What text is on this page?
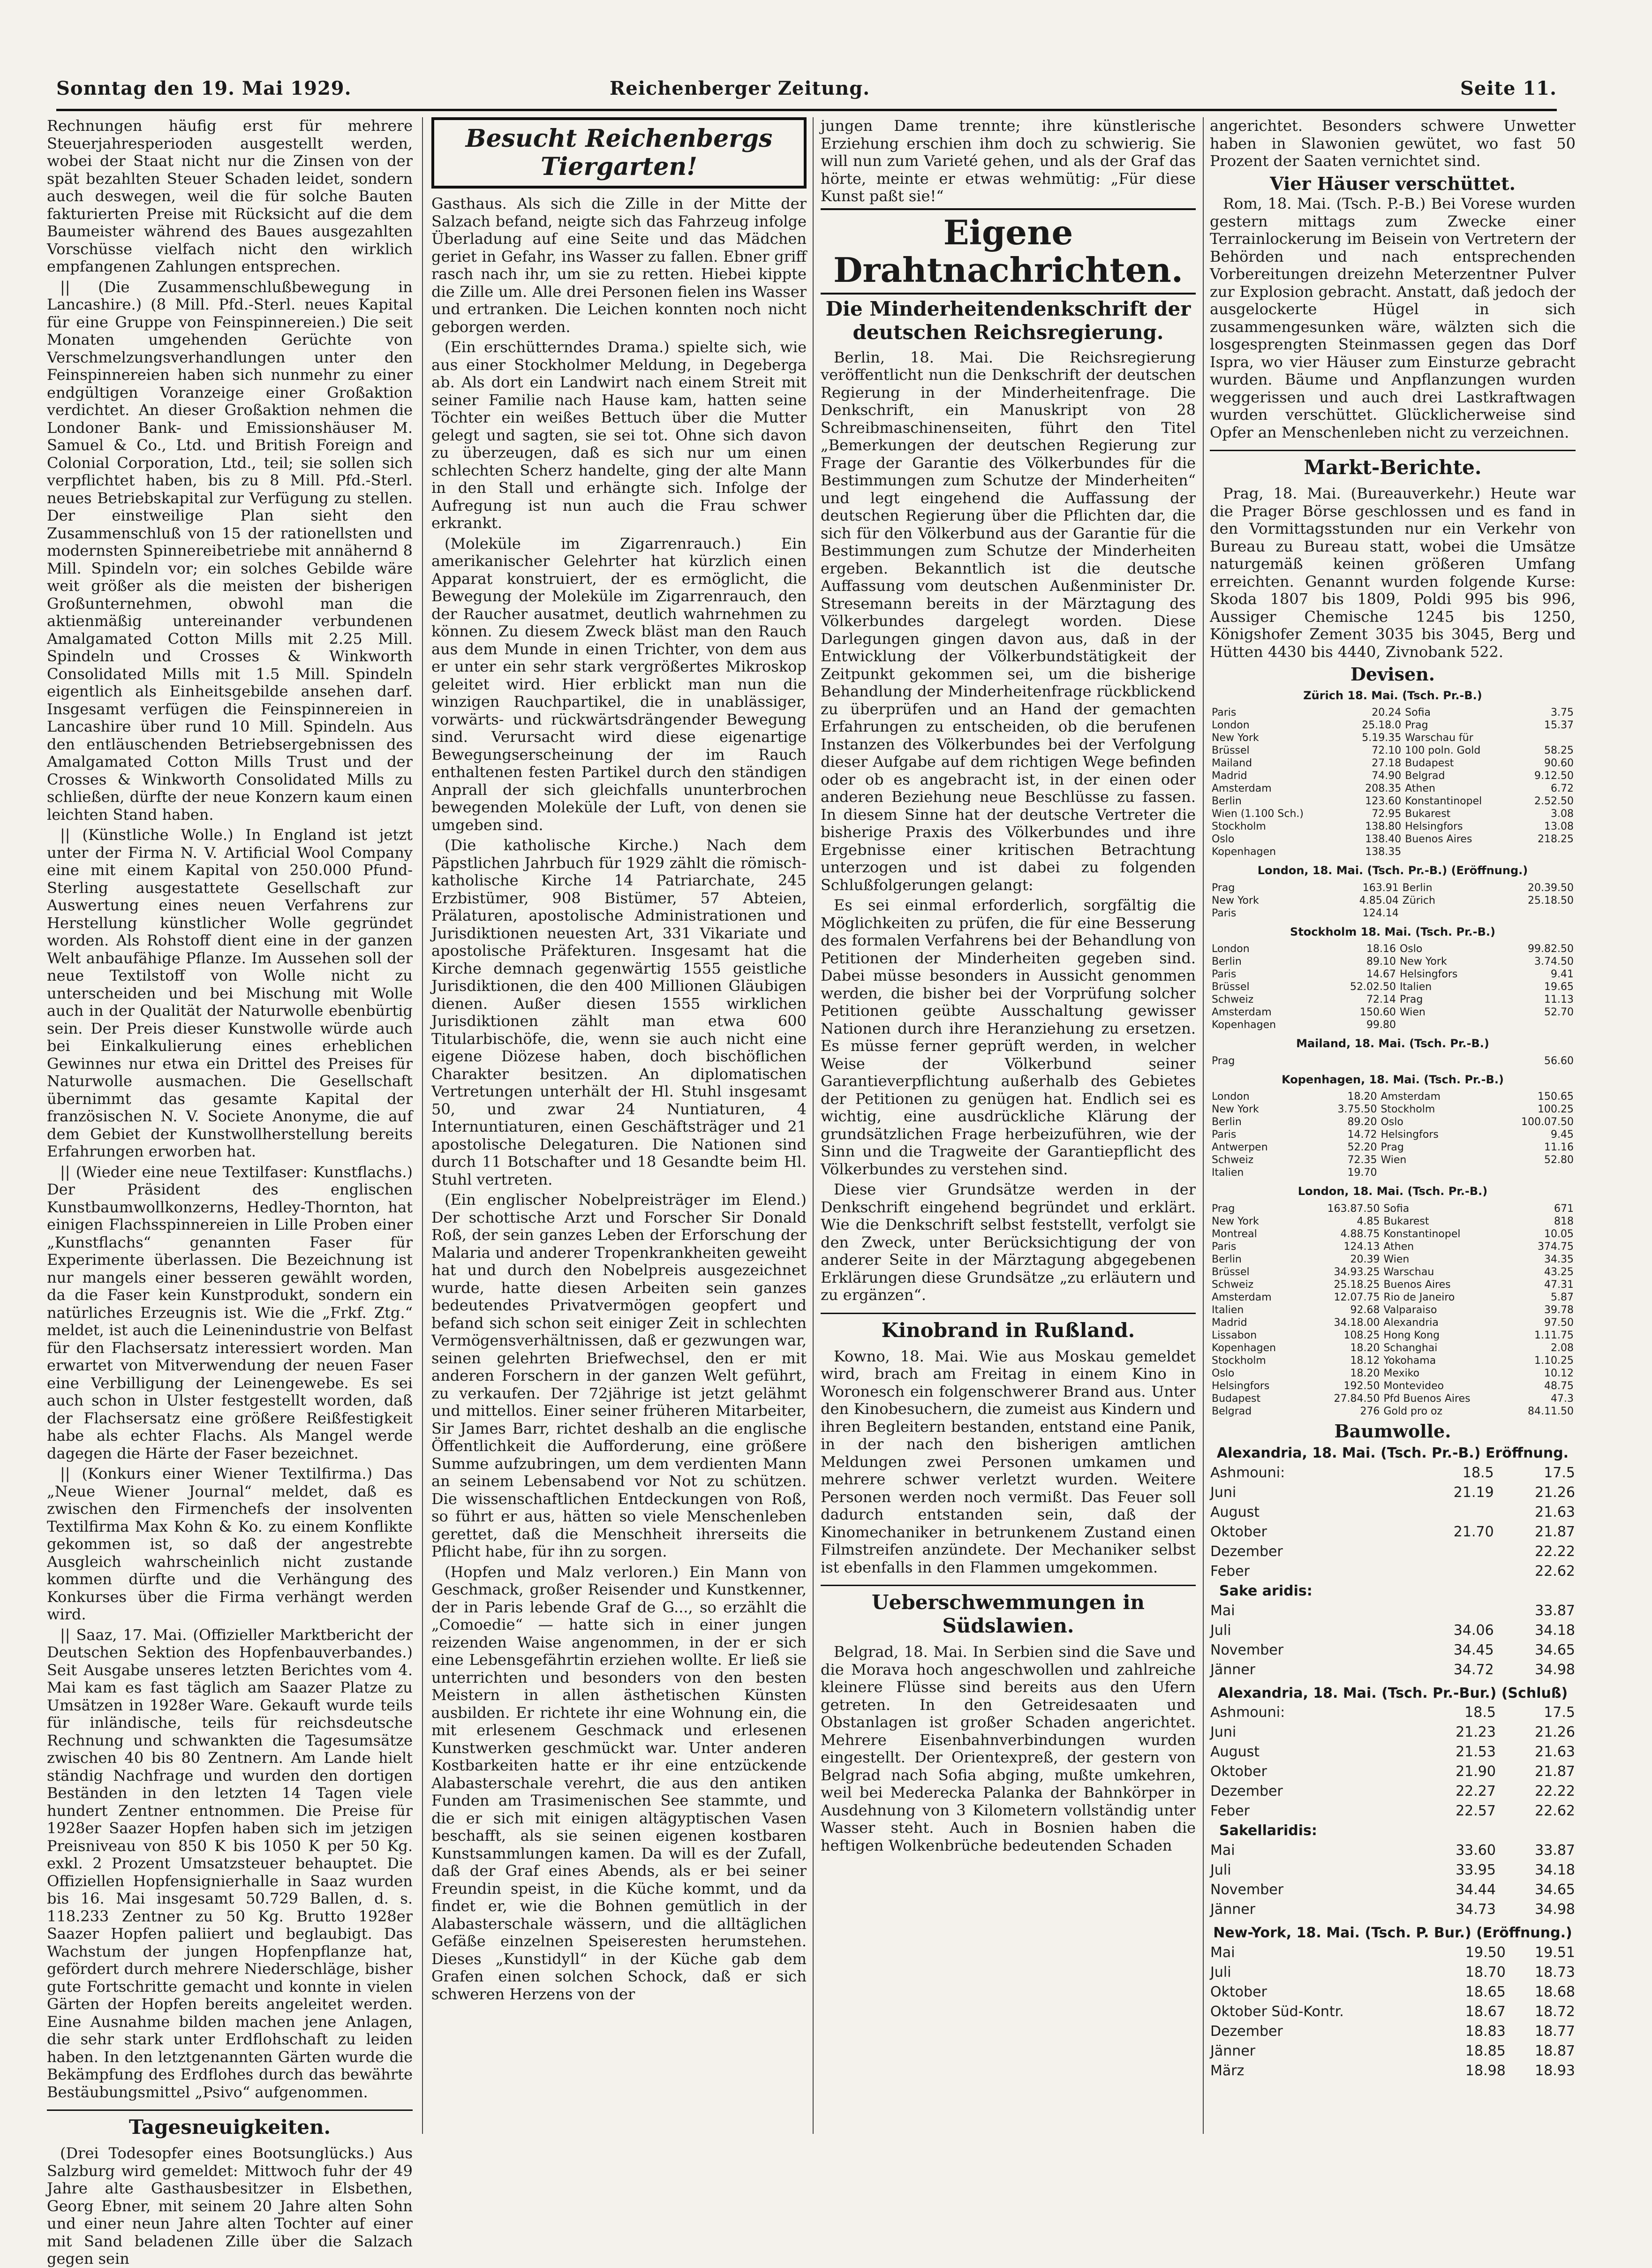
Sonntag den 19. Mai 1929.	Reichenberger Zeitung.	Seite 11.

Rechnungen häufig erst für mehrere Steuerjahresperioden ausgestellt werden, wobei der Staat nicht nur die Zinsen von der spät bezahlten Steuer Schaden leidet, sondern auch deswegen, weil die für solche Bauten fakturierten Preise mit Rücksicht auf die dem Baumeister während des Baues ausgezahlten Vorschüsse vielfach nicht den wirklich empfangenen Zahlungen entsprechen.

|| (Die Zusammenschlußbewegung in Lancashire.) (8 Mill. Pfd.-Sterl. neues Kapital für eine Gruppe von Feinspinnereien.) Die seit Monaten umgehenden Gerüchte von Verschmelzungsverhandlungen unter den Feinspinnereien haben sich nunmehr zu einer endgültigen Voranzeige einer Großaktion verdichtet. An dieser Großaktion nehmen die Londoner Bank- und Emissionshäuser M. Samuel & Co., Ltd. und British Foreign and Colonial Corporation, Ltd., teil; sie sollen sich verpflichtet haben, bis zu 8 Mill. Pfd.-Sterl. neues Betriebskapital zur Verfügung zu stellen. Der einstweilige Plan sieht den Zusammenschluß von 15 der rationellsten und modernsten Spinnereibetriebe mit annähernd 8 Mill. Spindeln vor; ein solches Gebilde wäre weit größer als die meisten der bisherigen Großunternehmen, obwohl man die aktienmäßig untereinander verbundenen Amalgamated Cotton Mills mit 2.25 Mill. Spindeln und Crosses & Winkworth Consolidated Mills mit 1.5 Mill. Spindeln eigentlich als Einheitsgebilde ansehen darf. Insgesamt verfügen die Feinspinnereien in Lancashire über rund 10 Mill. Spindeln. Aus den entläuschenden Betriebsergebnissen des Amalgamated Cotton Mills Trust und der Crosses & Winkworth Consolidated Mills zu schließen, dürfte der neue Konzern kaum einen leichten Stand haben.

|| (Künstliche Wolle.) In England ist jetzt unter der Firma N. V. Artificial Wool Company eine mit einem Kapital von 250.000 Pfund-Sterling ausgestattete Gesellschaft zur Auswertung eines neuen Verfahrens zur Herstellung künstlicher Wolle gegründet worden. Als Rohstoff dient eine in der ganzen Welt anbaufähige Pflanze. Im Aussehen soll der neue Textilstoff von Wolle nicht zu unterscheiden und bei Mischung mit Wolle auch in der Qualität der Naturwolle ebenbürtig sein. Der Preis dieser Kunstwolle würde auch bei Einkalkulierung eines erheblichen Gewinnes nur etwa ein Drittel des Preises für Naturwolle ausmachen. Die Gesellschaft übernimmt das gesamte Kapital der französischen N. V. Societe Anonyme, die auf dem Gebiet der Kunstwollherstellung bereits Erfahrungen erworben hat.

|| (Wieder eine neue Textilfaser: Kunstflachs.) Der Präsident des englischen Kunstbaumwollkonzerns, Hedley-Thornton, hat einigen Flachsspinnereien in Lille Proben einer „Kunstflachs“ genannten Faser für Experimente überlassen. Die Bezeichnung ist nur mangels einer besseren gewählt worden, da die Faser kein Kunstprodukt, sondern ein natürliches Erzeugnis ist. Wie die „Frkf. Ztg.“ meldet, ist auch die Leinenindustrie von Belfast für den Flachsersatz interessiert worden. Man erwartet von Mitverwendung der neuen Faser eine Verbilligung der Leinengewebe. Es sei auch schon in Ulster festgestellt worden, daß der Flachsersatz eine größere Reißfestigkeit habe als echter Flachs. Als Mangel werde dagegen die Härte der Faser bezeichnet.

|| (Konkurs einer Wiener Textilfirma.) Das „Neue Wiener Journal“ meldet, daß es zwischen den Firmenchefs der insolventen Textilfirma Max Kohn & Ko. zu einem Konflikte gekommen ist, so daß der angestrebte Ausgleich wahrscheinlich nicht zustande kommen dürfte und die Verhängung des Konkurses über die Firma verhängt werden wird.

|| Saaz, 17. Mai. (Offizieller Marktbericht der Deutschen Sektion des Hopfenbauverbandes.) Seit Ausgabe unseres letzten Berichtes vom 4. Mai kam es fast täglich am Saazer Platze zu Umsätzen in 1928er Ware. Gekauft wurde teils für inländische, teils für reichsdeutsche Rechnung und schwankten die Tagesumsätze zwischen 40 bis 80 Zentnern. Am Lande hielt ständig Nachfrage und wurden den dortigen Beständen in den letzten 14 Tagen viele hundert Zentner entnommen. Die Preise für 1928er Saazer Hopfen haben sich im jetzigen Preisniveau von 850 K bis 1050 K per 50 Kg. exkl. 2 Prozent Umsatzsteuer behauptet. Die Offiziellen Hopfensignierhalle in Saaz wurden bis 16. Mai insgesamt 50.729 Ballen, d. s. 118.233 Zentner zu 50 Kg. Brutto 1928er Saazer Hopfen paliiert und beglaubigt. Das Wachstum der jungen Hopfenpflanze hat, gefördert durch mehrere Niederschläge, bisher gute Fortschritte gemacht und konnte in vielen Gärten der Hopfen bereits angeleitet werden. Eine Ausnahme bilden machen jene Anlagen, die sehr stark unter Erdflohschaft zu leiden haben. In den letztgenannten Gärten wurde die Bekämpfung des Erdflohes durch das bewährte Bestäubungsmittel „Psivo“ aufgenommen.

Tagesneuigkeiten.

(Drei Todesopfer eines Bootsunglücks.) Aus Salzburg wird gemeldet: Mittwoch fuhr der 49 Jahre alte Gasthausbesitzer in Elsbethen, Georg Ebner, mit seinem 20 Jahre alten Sohn und einer neun Jahre alten Tochter auf einer mit Sand beladenen Zille über die Salzach gegen sein

Besucht Reichenbergs Tiergarten!

Gasthaus. Als sich die Zille in der Mitte der Salzach befand, neigte sich das Fahrzeug infolge Überladung auf eine Seite und das Mädchen geriet in Gefahr, ins Wasser zu fallen. Ebner griff rasch nach ihr, um sie zu retten. Hiebei kippte die Zille um. Alle drei Personen fielen ins Wasser und ertranken. Die Leichen konnten noch nicht geborgen werden.

(Ein erschütterndes Drama.) spielte sich, wie aus einer Stockholmer Meldung, in Degeberga ab. Als dort ein Landwirt nach einem Streit mit seiner Familie nach Hause kam, hatten seine Töchter ein weißes Bettuch über die Mutter gelegt und sagten, sie sei tot. Ohne sich davon zu überzeugen, daß es sich nur um einen schlechten Scherz handelte, ging der alte Mann in den Stall und erhängte sich. Infolge der Aufregung ist nun auch die Frau schwer erkrankt.

(Moleküle im Zigarrenrauch.) Ein amerikanischer Gelehrter hat kürzlich einen Apparat konstruiert, der es ermöglicht, die Bewegung der Moleküle im Zigarrenrauch, den der Raucher ausatmet, deutlich wahrnehmen zu können. Zu diesem Zweck bläst man den Rauch aus dem Munde in einen Trichter, von dem aus er unter ein sehr stark vergrößertes Mikroskop geleitet wird. Hier erblickt man nun die winzigen Rauchpartikel, die in unablässiger, vorwärts- und rückwärtsdrängender Bewegung sind. Verursacht wird diese eigenartige Bewegungserscheinung der im Rauch enthaltenen festen Partikel durch den ständigen Anprall der sich gleichfalls ununterbrochen bewegenden Moleküle der Luft, von denen sie umgeben sind.

(Die katholische Kirche.) Nach dem Päpstlichen Jahrbuch für 1929 zählt die römisch-katholische Kirche 14 Patriarchate, 245 Erzbistümer, 908 Bistümer, 57 Abteien, Prälaturen, apostolische Administrationen und Jurisdiktionen neuesten Art, 331 Vikariate und apostolische Präfekturen. Insgesamt hat die Kirche demnach gegenwärtig 1555 geistliche Jurisdiktionen, die den 400 Millionen Gläubigen dienen. Außer diesen 1555 wirklichen Jurisdiktionen zählt man etwa 600 Titularbischöfe, die, wenn sie auch nicht eine eigene Diözese haben, doch bischöflichen Charakter besitzen. An diplomatischen Vertretungen unterhält der Hl. Stuhl insgesamt 50, und zwar 24 Nuntiaturen, 4 Internuntiaturen, einen Geschäftsträger und 21 apostolische Delegaturen. Die Nationen sind durch 11 Botschafter und 18 Gesandte beim Hl. Stuhl vertreten.

(Ein englischer Nobelpreisträger im Elend.) Der schottische Arzt und Forscher Sir Donald Roß, der sein ganzes Leben der Erforschung der Malaria und anderer Tropenkrankheiten geweiht hat und durch den Nobelpreis ausgezeichnet wurde, hatte diesen Arbeiten sein ganzes bedeutendes Privatvermögen geopfert und befand sich schon seit einiger Zeit in schlechten Vermögensverhältnissen, daß er gezwungen war, seinen gelehrten Briefwechsel, den er mit anderen Forschern in der ganzen Welt geführt, zu verkaufen. Der 72jährige ist jetzt gelähmt und mittellos. Einer seiner früheren Mitarbeiter, Sir James Barr, richtet deshalb an die englische Öffentlichkeit die Aufforderung, eine größere Summe aufzubringen, um dem verdienten Mann an seinem Lebensabend vor Not zu schützen. Die wissenschaftlichen Entdeckungen von Roß, so führt er aus, hätten so viele Menschenleben gerettet, daß die Menschheit ihrerseits die Pflicht habe, für ihn zu sorgen.

(Hopfen und Malz verloren.) Ein Mann von Geschmack, großer Reisender und Kunstkenner, der in Paris lebende Graf de G..., so erzählt die „Comoedie“ — hatte sich in einer jungen reizenden Waise angenommen, in der er sich eine Lebensgefährtin erziehen wollte. Er ließ sie unterrichten und besonders von den besten Meistern in allen ästhetischen Künsten ausbilden. Er richtete ihr eine Wohnung ein, die mit erlesenem Geschmack und erlesenen Kunstwerken geschmückt war. Unter anderen Kostbarkeiten hatte er ihr eine entzückende Alabasterschale verehrt, die aus den antiken Funden am Trasimenischen See stammte, und die er sich mit einigen altägyptischen Vasen beschafft, als sie seinen eigenen kostbaren Kunstsammlungen kamen. Da will es der Zufall, daß der Graf eines Abends, als er bei seiner Freundin speist, in die Küche kommt, und da findet er, wie die Bohnen gemütlich in der Alabasterschale wässern, und die alltäglichen Gefäße einzelnen Speiseresten herumstehen. Dieses „Kunstidyll“ in der Küche gab dem Grafen einen solchen Schock, daß er sich schweren Herzens von der

jungen Dame trennte; ihre künstlerische Erziehung erschien ihm doch zu schwierig. Sie will nun zum Varieté gehen, und als der Graf das hörte, meinte er etwas wehmütig: „Für diese Kunst paßt sie!“

Eigene Drahtnachrichten.
Die Minderheitendenkschrift der deutschen Reichsregierung.

Berlin, 18. Mai. Die Reichsregierung veröffentlicht nun die Denkschrift der deutschen Regierung in der Minderheitenfrage. Die Denkschrift, ein Manuskript von 28 Schreibmaschinenseiten, führt den Titel „Bemerkungen der deutschen Regierung zur Frage der Garantie des Völkerbundes für die Bestimmungen zum Schutze der Minderheiten“ und legt eingehend die Auffassung der deutschen Regierung über die Pflichten dar, die sich für den Völkerbund aus der Garantie für die Bestimmungen zum Schutze der Minderheiten ergeben. Bekanntlich ist die deutsche Auffassung vom deutschen Außenminister Dr. Stresemann bereits in der Märztagung des Völkerbundes dargelegt worden. Diese Darlegungen gingen davon aus, daß in der Entwicklung der Völkerbundstätigkeit der Zeitpunkt gekommen sei, um die bisherige Behandlung der Minderheitenfrage rückblickend zu überprüfen und an Hand der gemachten Erfahrungen zu entscheiden, ob die berufenen Instanzen des Völkerbundes bei der Verfolgung dieser Aufgabe auf dem richtigen Wege befinden oder ob es angebracht ist, in der einen oder anderen Beziehung neue Beschlüsse zu fassen. In diesem Sinne hat der deutsche Vertreter die bisherige Praxis des Völkerbundes und ihre Ergebnisse einer kritischen Betrachtung unterzogen und ist dabei zu folgenden Schlußfolgerungen gelangt:

Es sei einmal erforderlich, sorgfältig die Möglichkeiten zu prüfen, die für eine Besserung des formalen Verfahrens bei der Behandlung von Petitionen der Minderheiten gegeben sind. Dabei müsse besonders in Aussicht genommen werden, die bisher bei der Vorprüfung solcher Petitionen geübte Ausschaltung gewisser Nationen durch ihre Heranziehung zu ersetzen. Es müsse ferner geprüft werden, in welcher Weise der Völkerbund seiner Garantieverpflichtung außerhalb des Gebietes der Petitionen zu genügen hat. Endlich sei es wichtig, eine ausdrückliche Klärung der grundsätzlichen Frage herbeizuführen, wie der Sinn und die Tragweite der Garantiepflicht des Völkerbundes zu verstehen sind.

Diese vier Grundsätze werden in der Denkschrift eingehend begründet und erklärt. Wie die Denkschrift selbst feststellt, verfolgt sie den Zweck, unter Berücksichtigung der von anderer Seite in der Märztagung abgegebenen Erklärungen diese Grundsätze „zu erläutern und zu ergänzen“.

Kinobrand in Rußland.

Kowno, 18. Mai. Wie aus Moskau gemeldet wird, brach am Freitag in einem Kino in Woronesch ein folgenschwerer Brand aus. Unter den Kinobesuchern, die zumeist aus Kindern und ihren Begleitern bestanden, entstand eine Panik, in der nach den bisherigen amtlichen Meldungen zwei Personen umkamen und mehrere schwer verletzt wurden. Weitere Personen werden noch vermißt. Das Feuer soll dadurch entstanden sein, daß der Kinomechaniker in betrunkenem Zustand einen Filmstreifen anzündete. Der Mechaniker selbst ist ebenfalls in den Flammen umgekommen.

Ueberschwemmungen in Südslawien.

Belgrad, 18. Mai. In Serbien sind die Save und die Morava hoch angeschwollen und zahlreiche kleinere Flüsse sind bereits aus den Ufern getreten. In den Getreidesaaten und Obstanlagen ist großer Schaden angerichtet. Mehrere Eisenbahnverbindungen wurden eingestellt. Der Orientexpreß, der gestern von Belgrad nach Sofia abging, mußte umkehren, weil bei Mederecka Palanka der Bahnkörper in Ausdehnung von 3 Kilometern vollständig unter Wasser steht. Auch in Bosnien haben die heftigen Wolkenbrüche bedeutenden Schaden

angerichtet. Besonders schwere Unwetter haben in Slawonien gewütet, wo fast 50 Prozent der Saaten vernichtet sind.

Vier Häuser verschüttet.

Rom, 18. Mai. (Tsch. P.-B.) Bei Vorese wurden gestern mittags zum Zwecke einer Terrainlockerung im Beisein von Vertretern der Behörden und nach entsprechenden Vorbereitungen dreizehn Meterzentner Pulver zur Explosion gebracht. Anstatt, daß jedoch der ausgelockerte Hügel in sich zusammengesunken wäre, wälzten sich die losgesprengten Steinmassen gegen das Dorf Ispra, wo vier Häuser zum Einsturze gebracht wurden. Bäume und Anpflanzungen wurden weggerissen und auch drei Lastkraftwagen wurden verschüttet. Glücklicherweise sind Opfer an Menschenleben nicht zu verzeichnen.

Markt-Berichte.

Prag, 18. Mai. (Bureauverkehr.) Heute war die Prager Börse geschlossen und es fand in den Vormittagsstunden nur ein Verkehr von Bureau zu Bureau statt, wobei die Umsätze naturgemäß keinen größeren Umfang erreichten. Genannt wurden folgende Kurse: Skoda 1807 bis 1809, Poldi 995 bis 996, Aussiger Chemische 1245 bis 1250, Königshofer Zement 3035 bis 3045, Berg und Hütten 4430 bis 4440, Zivnobank 522.

Devisen.
Zürich 18. Mai. (Tsch. Pr.-B.)
Paris	20.24	Sofia	3.75
London	25.18.0	Prag	15.37
New York	5.19.35	Warschau für	
Brüssel	72.10	100 poln. Gold	58.25
Mailand	27.18	Budapest	90.60
Madrid	74.90	Belgrad	9.12.50
Amsterdam	208.35	Athen	6.72
Berlin	123.60	Konstantinopel	2.52.50
Wien (1.100 Sch.)	72.95	Bukarest	3.08
Stockholm	138.80	Helsingfors	13.08
Oslo	138.40	Buenos Aires	218.25
Kopenhagen	138.35		
London, 18. Mai. (Tsch. Pr.-B.) (Eröffnung.)
Prag	163.91	Berlin	20.39.50
New York	4.85.04	Zürich	25.18.50
Paris	124.14		
Stockholm 18. Mai. (Tsch. Pr.-B.)
London	18.16	Oslo	99.82.50
Berlin	89.10	New York	3.74.50
Paris	14.67	Helsingfors	9.41
Brüssel	52.02.50	Italien	19.65
Schweiz	72.14	Prag	11.13
Amsterdam	150.60	Wien	52.70
Kopenhagen	99.80		
Mailand, 18. Mai. (Tsch. Pr.-B.)
Prag			56.60
Kopenhagen, 18. Mai. (Tsch. Pr.-B.)
London	18.20	Amsterdam	150.65
New York	3.75.50	Stockholm	100.25
Berlin	89.20	Oslo	100.07.50
Paris	14.72	Helsingfors	9.45
Antwerpen	52.20	Prag	11.16
Schweiz	72.35	Wien	52.80
Italien	19.70		
London, 18. Mai. (Tsch. Pr.-B.)
Prag	163.87.50	Sofia	671
New York	4.85	Bukarest	818
Montreal	4.88.75	Konstantinopel	10.05
Paris	124.13	Athen	374.75
Berlin	20.39	Wien	34.35
Brüssel	34.93.25	Warschau	43.25
Schweiz	25.18.25	Buenos Aires	47.31
Amsterdam	12.07.75	Rio de Janeiro	5.87
Italien	92.68	Valparaiso	39.78
Madrid	34.18.00	Alexandria	97.50
Lissabon	108.25	Hong Kong	1.11.75
Kopenhagen	18.20	Schanghai	2.08
Stockholm	18.12	Yokohama	1.10.25
Oslo	18.20	Mexiko	10.12
Helsingfors	192.50	Montevideo	48.75
Budapest	27.84.50	Pfd Buenos Aires	47.3
Belgrad	276	Gold pro oz	84.11.50
Baumwolle.
Alexandria, 18. Mai. (Tsch. Pr.-B.) Eröffnung.
Ashmouni:	18.5	17.5
Juni	21.19	21.26
August		21.63
Oktober	21.70	21.87
Dezember		22.22
Feber		22.62
Sake aridis:		
Mai		33.87
Juli	34.06	34.18
November	34.45	34.65
Jänner	34.72	34.98
Alexandria, 18. Mai. (Tsch. Pr.-Bur.) (Schluß)
Ashmouni:	18.5	17.5
Juni	21.23	21.26
August	21.53	21.63
Oktober	21.90	21.87
Dezember	22.27	22.22
Feber	22.57	22.62
Sakellaridis:		
Mai	33.60	33.87
Juli	33.95	34.18
November	34.44	34.65
Jänner	34.73	34.98
New-York, 18. Mai. (Tsch. P. Bur.) (Eröffnung.)
Mai	19.50	19.51
Juli	18.70	18.73
Oktober	18.65	18.68
Oktober Süd-Kontr.	18.67	18.72
Dezember	18.83	18.77
Jänner	18.85	18.87
März	18.98	18.93
